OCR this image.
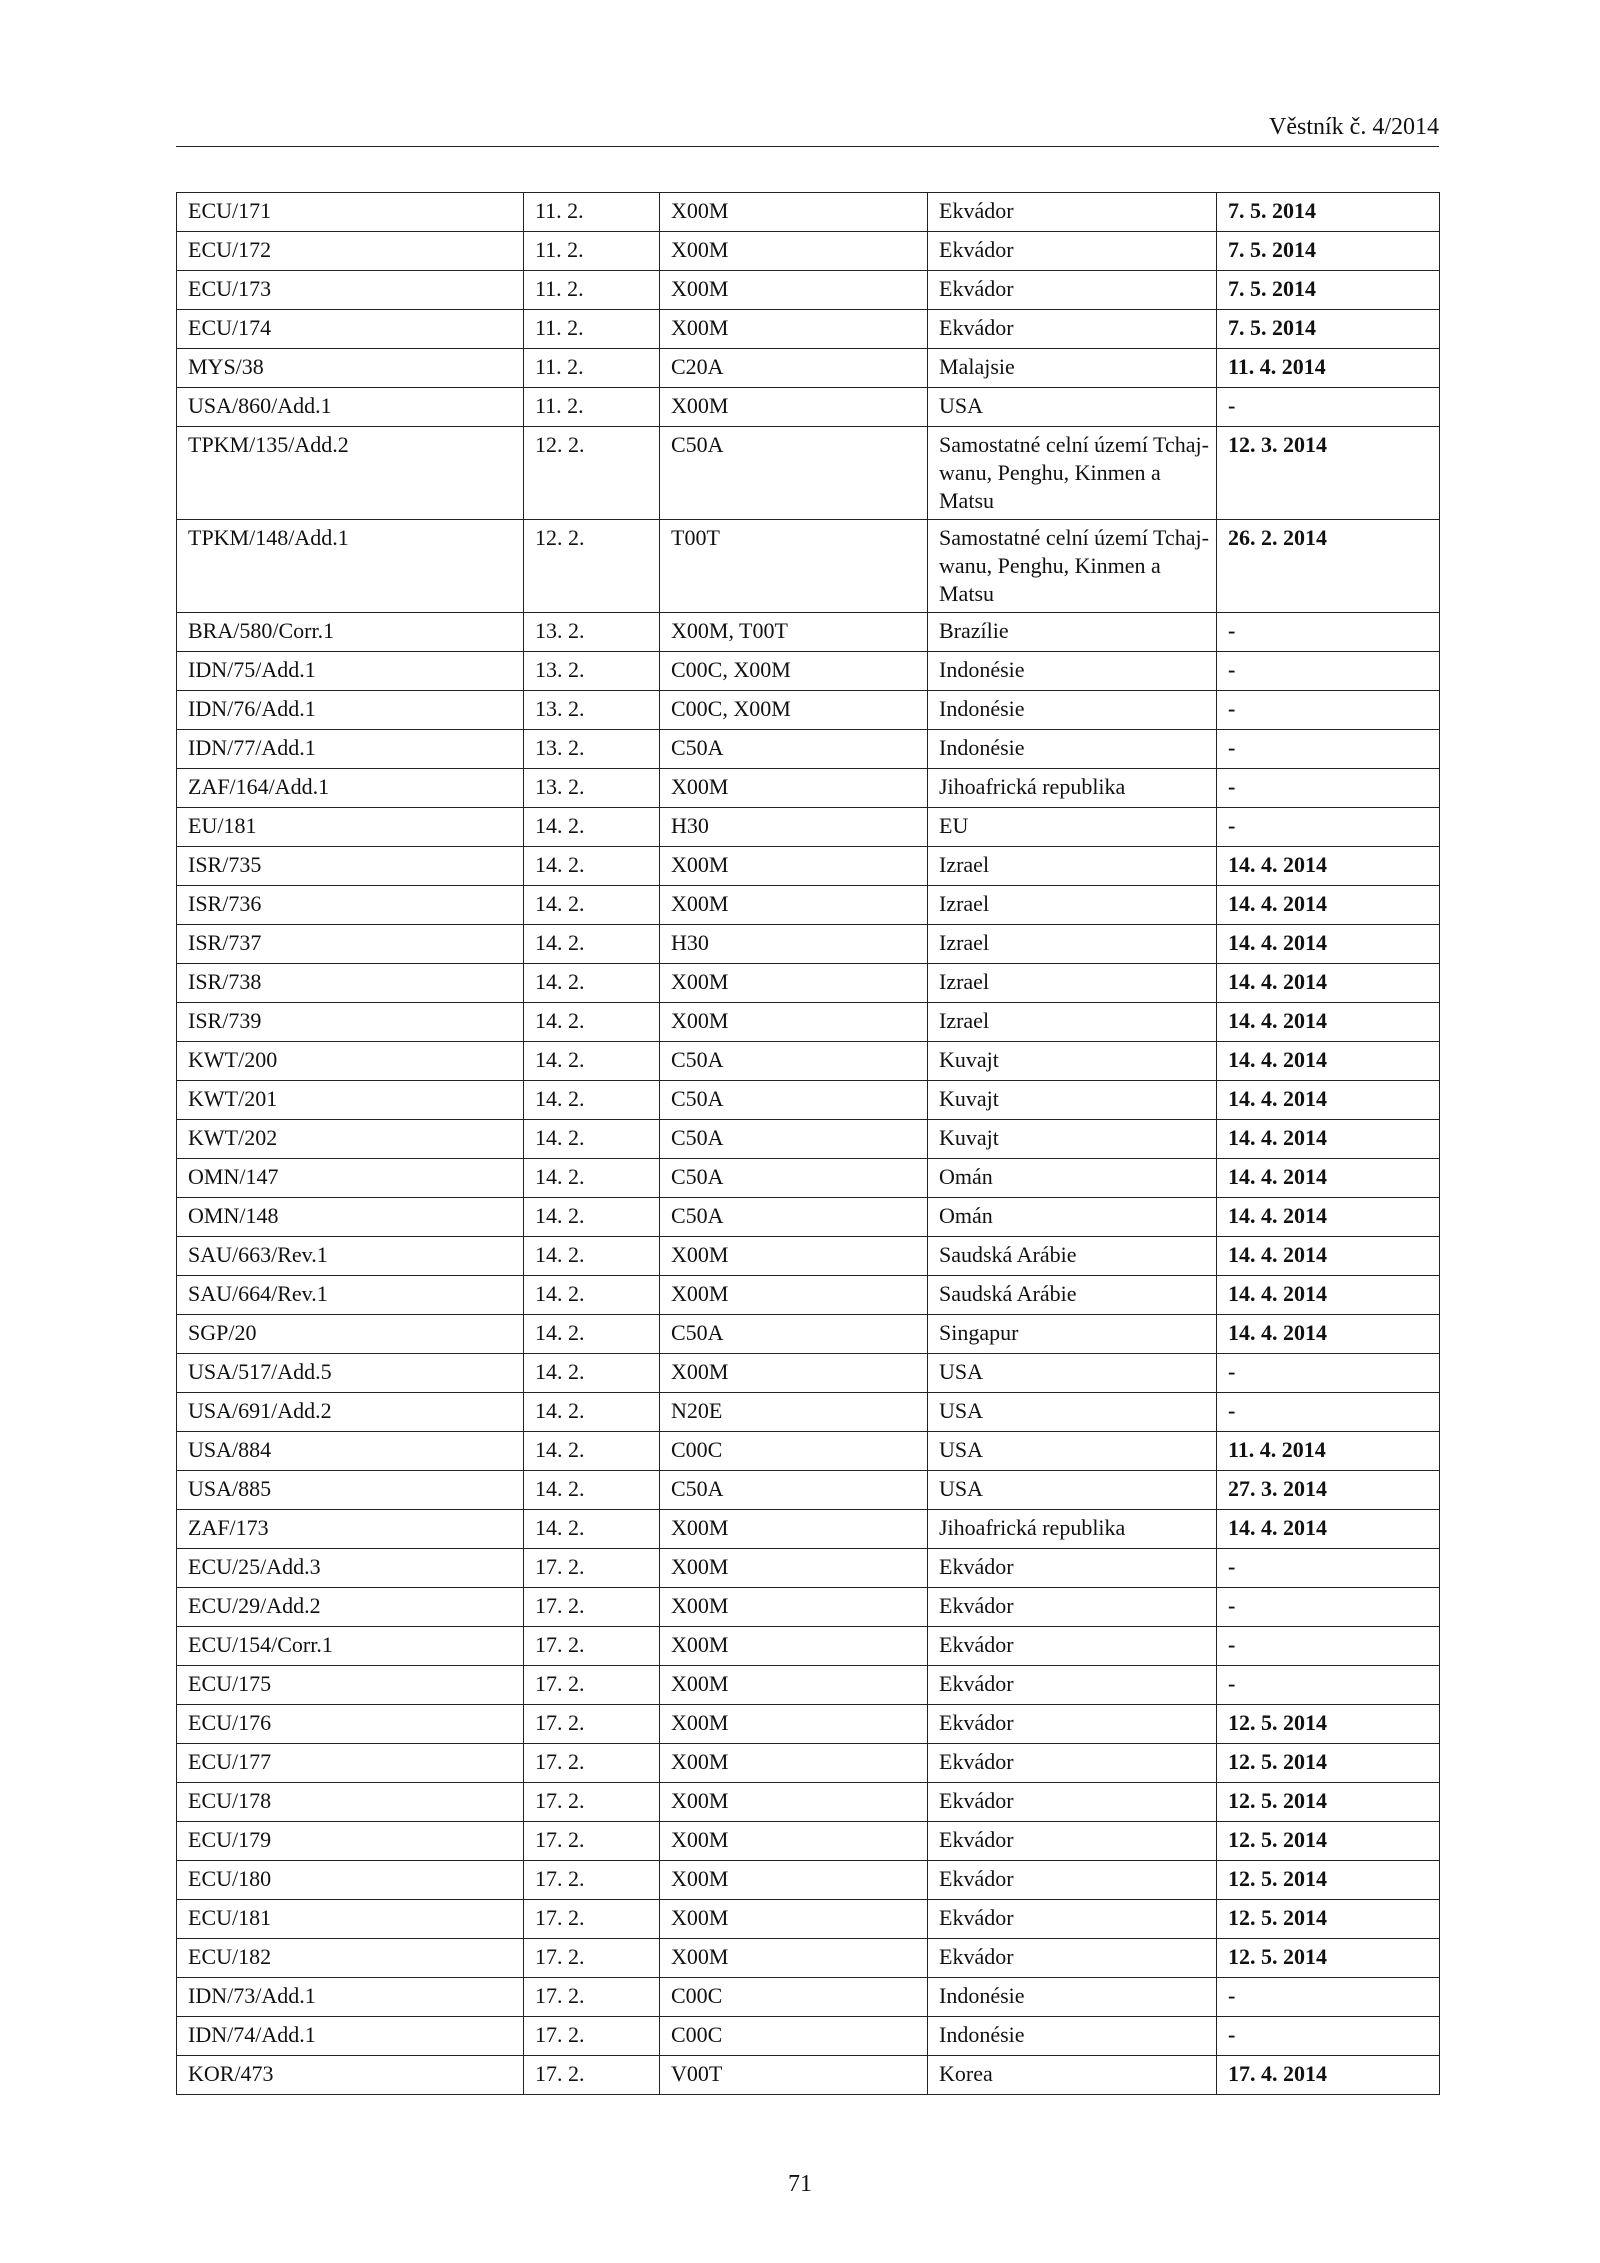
Věstník č. 4/2014
ECU/171	11. 2.	X00M	Ekvádor	7. 5. 2014
ECU/172	11. 2.	X00M	Ekvádor	7. 5. 2014
ECU/173	11. 2.	X00M	Ekvádor	7. 5. 2014
ECU/174	11. 2.	X00M	Ekvádor	7. 5. 2014
MYS/38	11. 2.	C20A	Malajsie	11. 4. 2014
USA/860/Add.1	11. 2.	X00M	USA	-
TPKM/135/Add.2	12. 2.	C50A	Samostatné celní území Tchaj-wanu, Penghu, Kinmen a Matsu	12. 3. 2014
TPKM/148/Add.1	12. 2.	T00T	Samostatné celní území Tchaj-wanu, Penghu, Kinmen a Matsu	26. 2. 2014
BRA/580/Corr.1	13. 2.	X00M, T00T	Brazílie	-
IDN/75/Add.1	13. 2.	C00C, X00M	Indonésie	-
IDN/76/Add.1	13. 2.	C00C, X00M	Indonésie	-
IDN/77/Add.1	13. 2.	C50A	Indonésie	-
ZAF/164/Add.1	13. 2.	X00M	Jihoafrická republika	-
EU/181	14. 2.	H30	EU	-
ISR/735	14. 2.	X00M	Izrael	14. 4. 2014
ISR/736	14. 2.	X00M	Izrael	14. 4. 2014
ISR/737	14. 2.	H30	Izrael	14. 4. 2014
ISR/738	14. 2.	X00M	Izrael	14. 4. 2014
ISR/739	14. 2.	X00M	Izrael	14. 4. 2014
KWT/200	14. 2.	C50A	Kuvajt	14. 4. 2014
KWT/201	14. 2.	C50A	Kuvajt	14. 4. 2014
KWT/202	14. 2.	C50A	Kuvajt	14. 4. 2014
OMN/147	14. 2.	C50A	Omán	14. 4. 2014
OMN/148	14. 2.	C50A	Omán	14. 4. 2014
SAU/663/Rev.1	14. 2.	X00M	Saudská Arábie	14. 4. 2014
SAU/664/Rev.1	14. 2.	X00M	Saudská Arábie	14. 4. 2014
SGP/20	14. 2.	C50A	Singapur	14. 4. 2014
USA/517/Add.5	14. 2.	X00M	USA	-
USA/691/Add.2	14. 2.	N20E	USA	-
USA/884	14. 2.	C00C	USA	11. 4. 2014
USA/885	14. 2.	C50A	USA	27. 3. 2014
ZAF/173	14. 2.	X00M	Jihoafrická republika	14. 4. 2014
ECU/25/Add.3	17. 2.	X00M	Ekvádor	-
ECU/29/Add.2	17. 2.	X00M	Ekvádor	-
ECU/154/Corr.1	17. 2.	X00M	Ekvádor	-
ECU/175	17. 2.	X00M	Ekvádor	-
ECU/176	17. 2.	X00M	Ekvádor	12. 5. 2014
ECU/177	17. 2.	X00M	Ekvádor	12. 5. 2014
ECU/178	17. 2.	X00M	Ekvádor	12. 5. 2014
ECU/179	17. 2.	X00M	Ekvádor	12. 5. 2014
ECU/180	17. 2.	X00M	Ekvádor	12. 5. 2014
ECU/181	17. 2.	X00M	Ekvádor	12. 5. 2014
ECU/182	17. 2.	X00M	Ekvádor	12. 5. 2014
IDN/73/Add.1	17. 2.	C00C	Indonésie	-
IDN/74/Add.1	17. 2.	C00C	Indonésie	-
KOR/473	17. 2.	V00T	Korea	17. 4. 2014
71
